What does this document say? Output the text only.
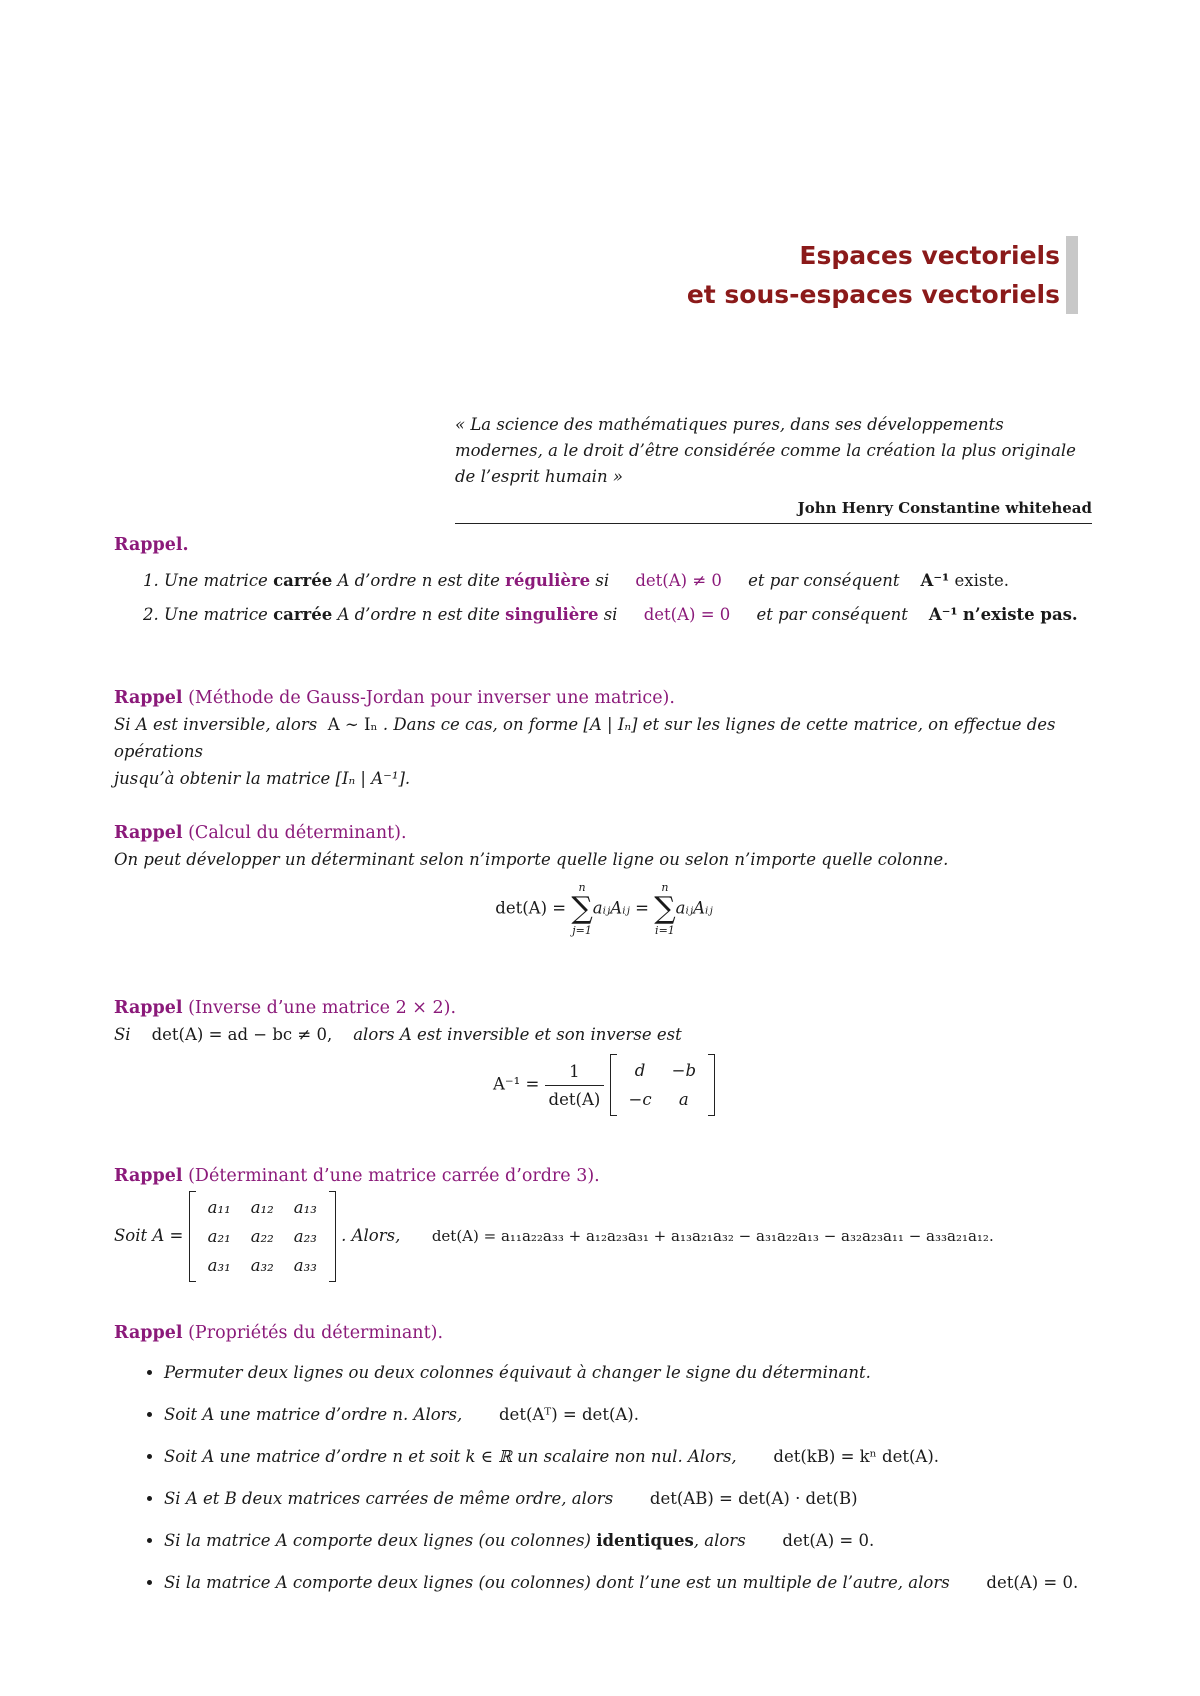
Espaces vectoriels
et sous-espaces vectoriels

« La science des mathématiques pures, dans ses développements modernes, a le droit d’être considérée comme la création la plus originale de l’esprit humain »

John Henry Constantine whitehead
Rappel.
1. Une matrice carrée A d’ordre n est dite régulière si det(A) ≠ 0 et par conséquent A⁻¹ existe.
2. Une matrice carrée A d’ordre n est dite singulière si det(A) = 0 et par conséquent A⁻¹ n’existe pas.
Rappel (Méthode de Gauss-Jordan pour inverser une matrice).
Si A est inversible, alors A ∼ Iₙ . Dans ce cas, on forme [A | Iₙ] et sur les lignes de cette matrice, on effectue des opérations
jusqu’à obtenir la matrice [Iₙ | A⁻¹].
Rappel (Calcul du déterminant).
On peut développer un déterminant selon n’importe quelle ligne ou selon n’importe quelle colonne.
det(A) =
n
∑
j=1
aᵢⱼAᵢⱼ =
n
∑
i=1
aᵢⱼAᵢⱼ
Rappel (Inverse d’une matrice 2 × 2).
Si det(A) = ad − bc ≠ 0, alors A est inversible et son inverse est
$A^{-1} = \frac{1}{\det(A)}$
d	−b
−c	a
Rappel (Déterminant d’une matrice carrée d’ordre 3).
Soit A =
a₁₁	a₁₂	a₁₃
a₂₁	a₂₂	a₂₃
a₃₁	a₃₂	a₃₃
. Alors, det(A) = a₁₁a₂₂a₃₃ + a₁₂a₂₃a₃₁ + a₁₃a₂₁a₃₂ − a₃₁a₂₂a₁₃ − a₃₂a₂₃a₁₁ − a₃₃a₂₁a₁₂.
Rappel (Propriétés du déterminant).
• Permuter deux lignes ou deux colonnes équivaut à changer le signe du déterminant.
• Soit A une matrice d’ordre n. Alors, det(Aᵀ) = det(A).
• Soit A une matrice d’ordre n et soit k ∈ ℝ un scalaire non nul. Alors, det(kB) = kⁿ det(A).
• Si A et B deux matrices carrées de même ordre, alors det(AB) = det(A) · det(B)
• Si la matrice A comporte deux lignes (ou colonnes) identiques, alors det(A) = 0.
• Si la matrice A comporte deux lignes (ou colonnes) dont l’une est un multiple de l’autre, alors det(A) = 0.
